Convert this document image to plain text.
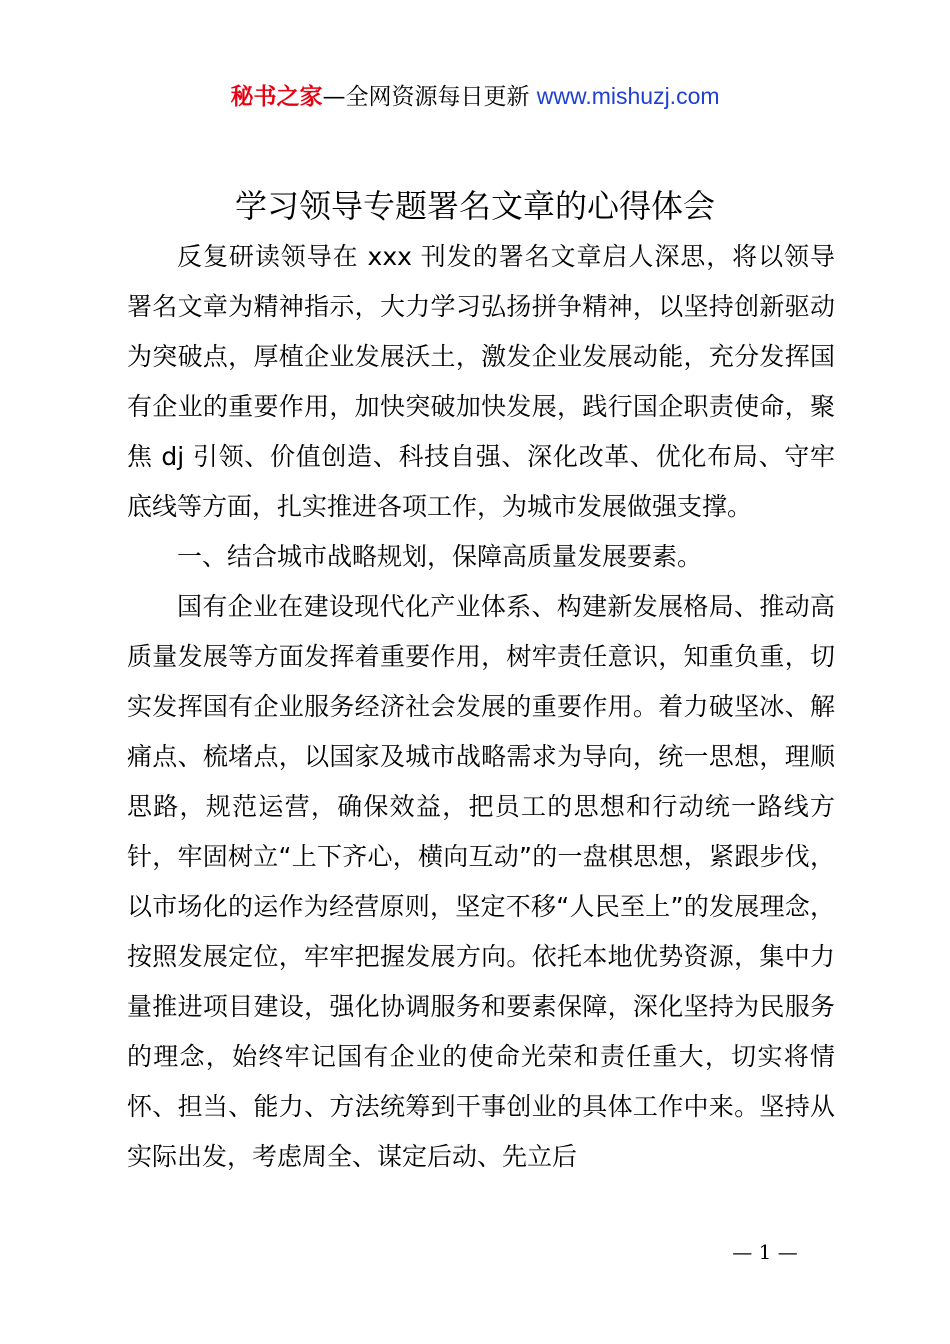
秘书之家—全网资源每日更新 www.mishuzj.com
学习领导专题署名文章的心得体会

反复研读领导在 xxx 刊发的署名文章启人深思，将以领导署名文章为精神指示，大力学习弘扬拼争精神，以坚持创新驱动为突破点，厚植企业发展沃土，激发企业发展动能，充分发挥国有企业的重要作用，加快突破加快发展，践行国企职责使命，聚焦 dj 引领、价值创造、科技自强、深化改革、优化布局、守牢底线等方面，扎实推进各项工作，为城市发展做强支撑。

一、结合城市战略规划，保障高质量发展要素。

国有企业在建设现代化产业体系、构建新发展格局、推动高质量发展等方面发挥着重要作用，树牢责任意识，知重负重，切实发挥国有企业服务经济社会发展的重要作用。着力破坚冰、解痛点、梳堵点，以国家及城市战略需求为导向，统一思想，理顺思路，规范运营，确保效益，把员工的思想和行动统一路线方针，牢固树立“上下齐心，横向互动”的一盘棋思想，紧跟步伐，以市场化的运作为经营原则，坚定不移“人民至上”的发展理念，按照发展定位，牢牢把握发展方向。依托本地优势资源，集中力量推进项目建设，强化协调服务和要素保障，深化坚持为民服务的理念，始终牢记国有企业的使命光荣和责任重大，切实将情怀、担当、能力、方法统筹到干事创业的具体工作中来。坚持从实际出发，考虑周全、谋定后动、先立后

— 1 —
